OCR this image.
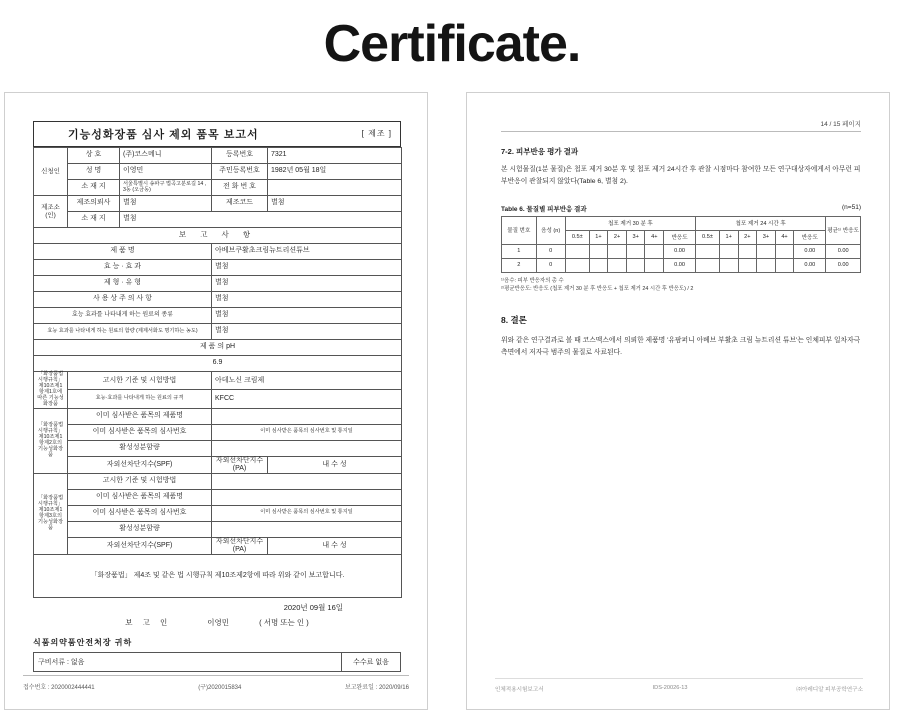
Certificate.
기능성화장품 심사 제외 품목 보고서	[ 제조 ]
신청인	상 호	(주)코스메니	등록번호	7321
	성 명	이영민	주민등록번호	1982년 05월 18일
	소 재 지	서울특별시 송파구 법곡고분로길 14 , 3동 (오금동)	전 화 번 호	
제조소(인)	제조의뢰사	별첨	제조코드	별첨
	소 재 지	별첨		
보 고 사 항				
제 품 명			아베브쿠활초크림뉴트리션튜브	
효 능 · 효 과			별첨	
제 형 · 유 형			별첨	
사 용 상 주 의 사 항			별첨	
효능 효과를 나타내게 하는 원료의 종류			별첨	
효능 효과를 나타내게 하는 원료의 함량 (제제서화도 명기하는 농도)			별첨	
제 품 의 pH				
6.9				
「화장품법 시행규칙」 제10조제1항제1호에 따른 기능성화장품	고시한 기준 및 시험방법		아데노신 크림제	
	효능·효과를 나타내게 하는 원료의 규격		KFCC	
「화장품법 시행규칙」 제10조제1항제2호의기능성화장품	이미 심사받은 품목의 제품명			
	이미 심사받은 품목의 심사번호		이미 심사받은 품목의 심사번호 및 통지일	
	활성성분함량			
	자외선차단지수(SPF)		자외선차단지수(PA)	내 수 성
「화장품법 시행규칙」 제10조제1항제3호의기능성화장품	고시한 기준 및 시험방법			
	이미 심사받은 품목의 제품명			
	이미 심사받은 품목의 심사번호		이미 심사받은 품목의 심사번호 및 통지일	
	활성성분함량			
	자외선차단지수(SPF)		자외선차단지수(PA)	내 수 성
「화장품법」 제4조 및 같은 법 시행규칙 제10조제2항에 따라 위와 같이 보고합니다.				
2020년 09월 16일
보 고 인	이영민	( 서명 또는 인 )
식품의약품안전처장 귀하
구비서류 : 없음	수수료 없음
접수번호 : 2020002444441	(구)2020015834	보고완료일 : 2020/09/16
14 / 15 페이지
7-2. 피부반응 평가 결과
본 시험물질(1분 물질)은 첩포 제거 30분 후 및 첩포 제거 24시간 후 관찰 시점마다 참여한 모든 연구대상자에게서 아무런 피부반응이 관찰되지 않았다(Table 6, 별첨 2).
Table 6. 물질별 피부반응 결과	(n=51)
물질 번호	음성 (n)	첩포 제거 30 분 후						첩포 제거 24 시간 후						평균¹⁾ 반응도
		0.5±	1+	2+	3+	4+	반응도	0.5±	1+	2+	3+	4+	반응도	
1	0						0.00						0.00	0.00
2	0						0.00						0.00	0.00
¹⁾음수: 피부 반응자의 총 수
²⁾평균반응도: 반응도 (첩포 제거 30 분 후 반응도 + 첩포 제거 24 시간 후 반응도) / 2
8. 결론
위와 같은 연구결과로 볼 때 코스맥스에서 의뢰한 제품명 '유팜퍼니 아베브 부활초 크림 뉴트리션 튜브'는 인체피부 일차자극 측면에서 저자극 범주의 물질로 사료된다.
인체적용시험보고서	IDS-20026-13	㈜아레디알 피부공학연구소
